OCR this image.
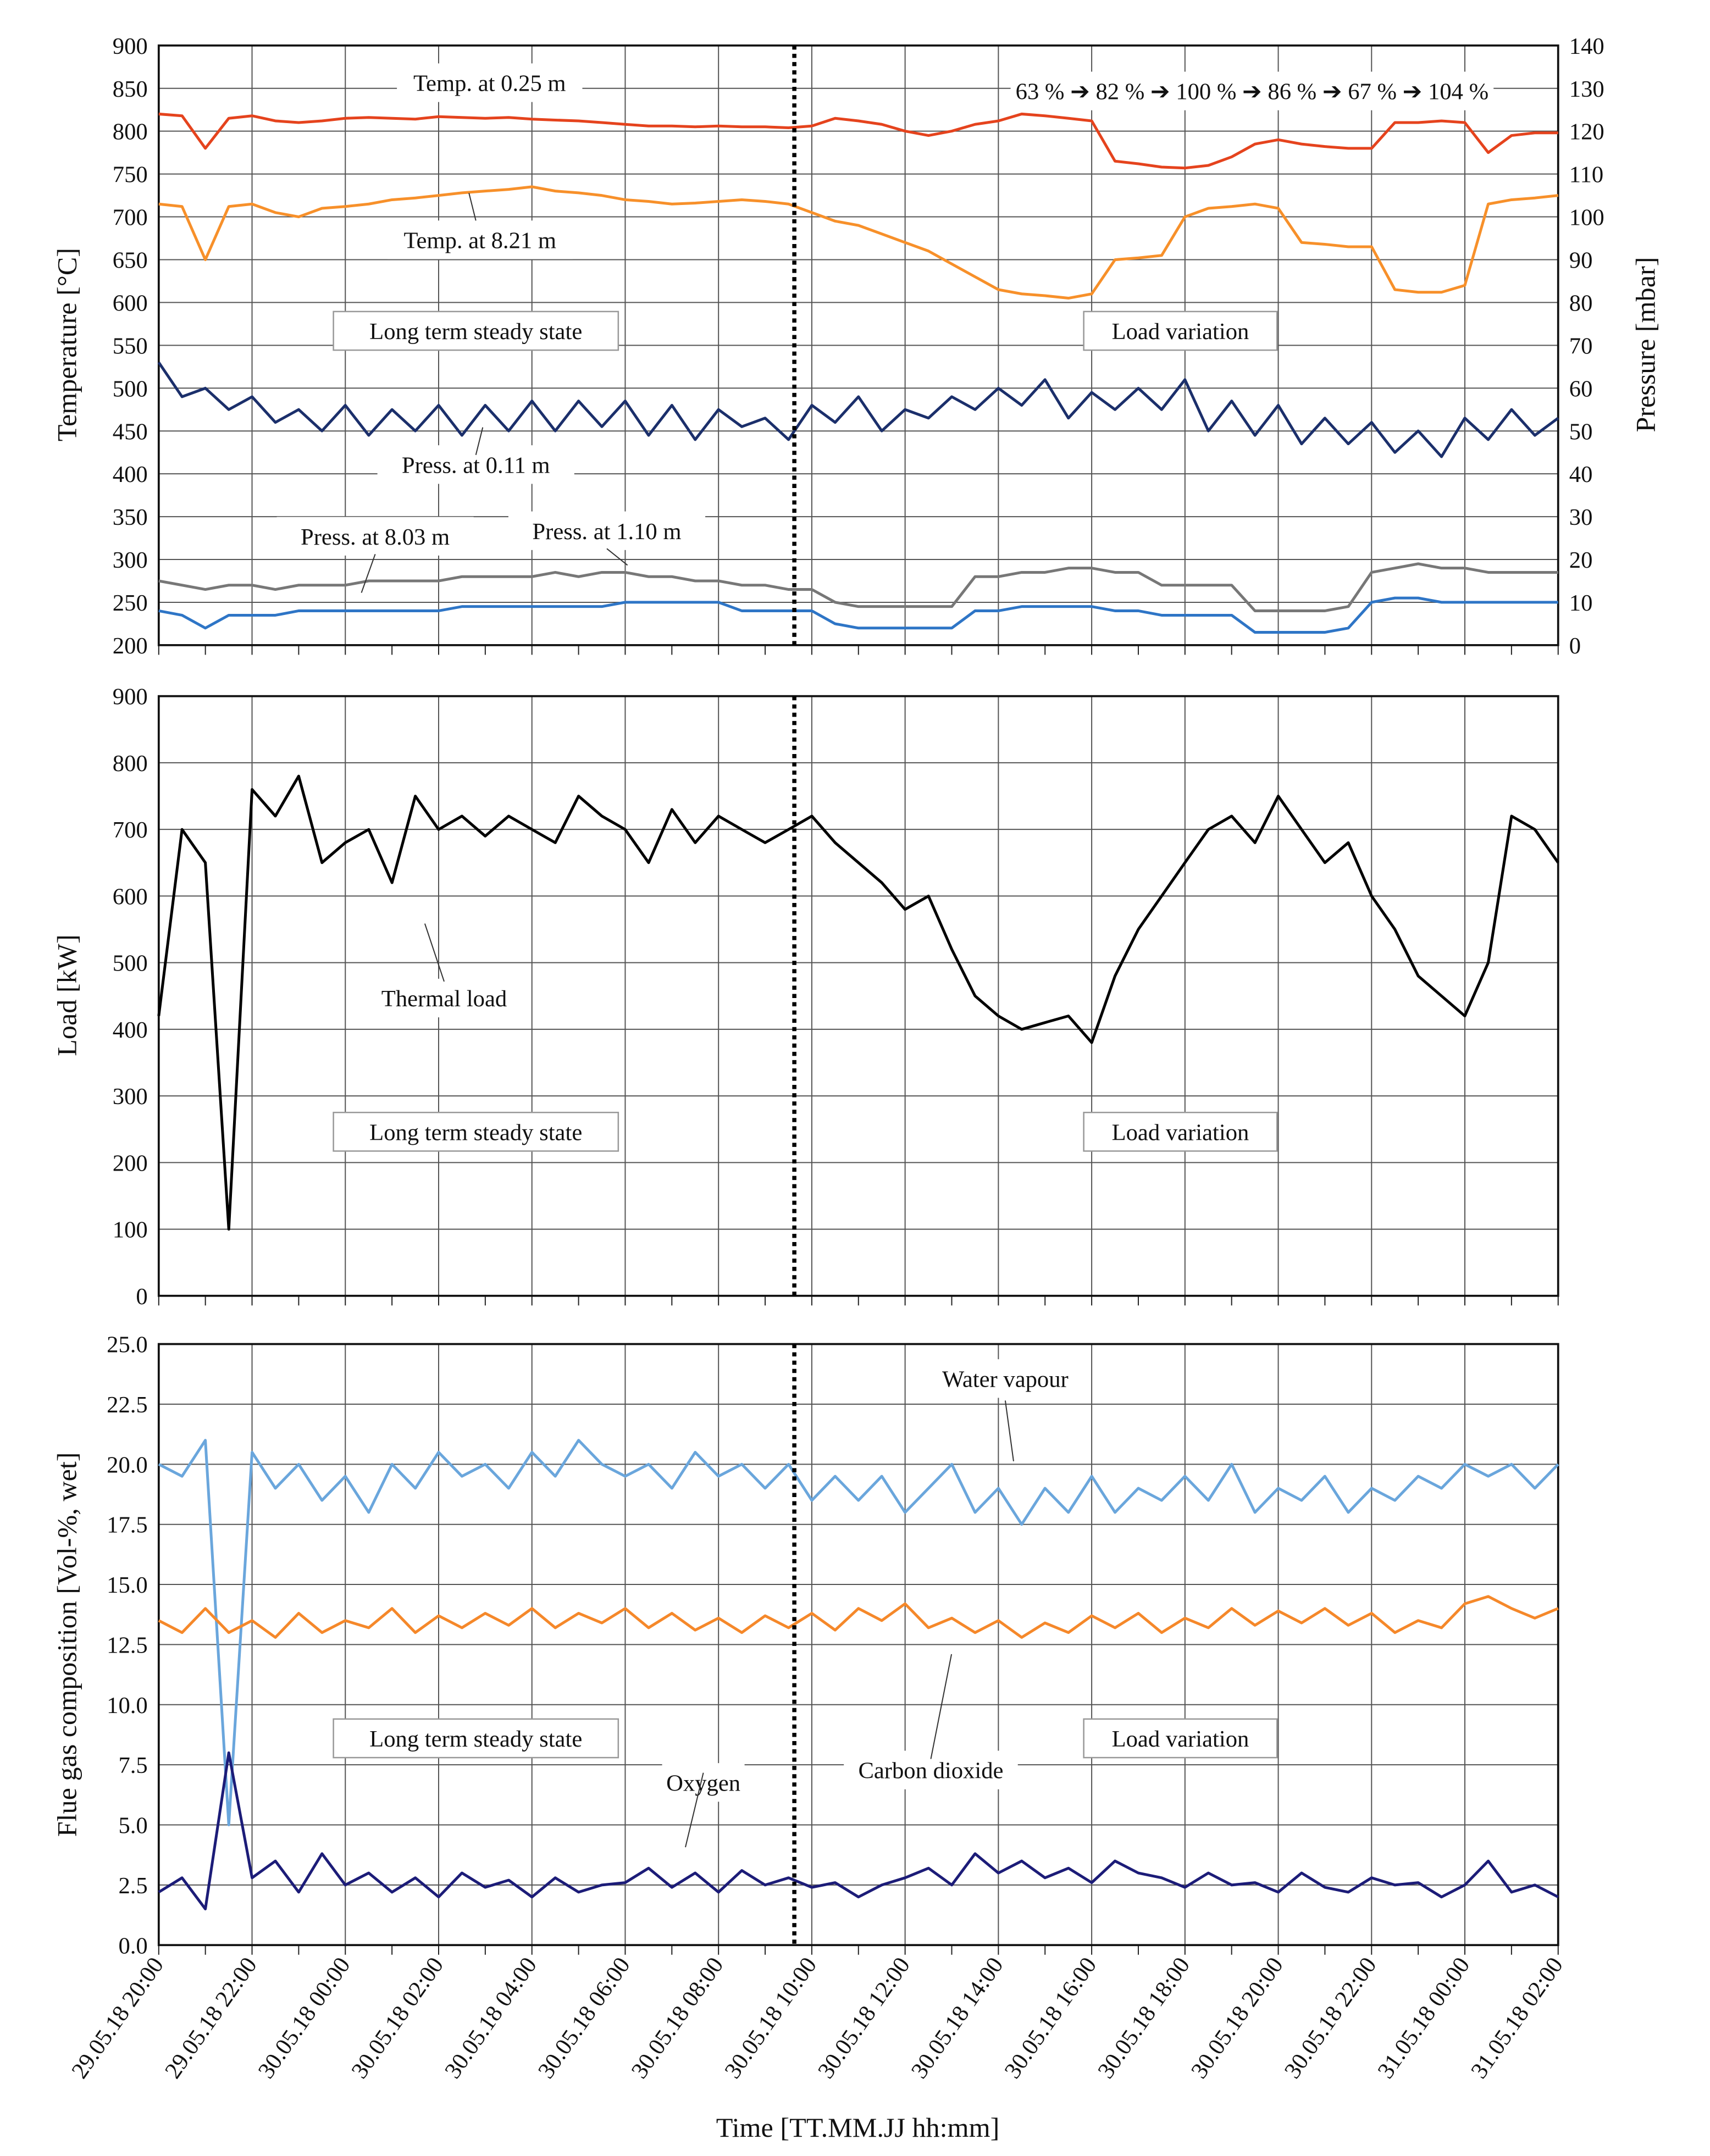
Temperature [°C]	Pressure [mbar]
Load [kW]
Flue gas composition [Vol-%, wet]
Time [TT.MM.JJ hh:mm]
200
250
300
350
400
450
500
550
600
650
700
750
800
850
900
0
10
20
30
40
50
60
70
80
90
100
110
120
130
140
Long term steady state	Load variation
0
100
200
300
400
500
600
700
800
900
Long term steady state	Load variation
0.0
2.5
5.0
7.5
10.0
12.5
15.0
17.5
20.0
22.5
25.0
Long term steady state	Load variation
Temp. at 0.25 m
Temp. at 8.21 m
Press. at 0.11 m
Press. at 8.03 m	Press. at 1.10 m
63 % ➔ 82 % ➔ 100 % ➔ 86 % ➔ 67 % ➔ 104 %
Thermal load
Water vapour
Carbon dioxide
Oxygen
29.05.18 20:00
29.05.18 22:00
30.05.18 00:00
30.05.18 02:00
30.05.18 04:00
30.05.18 06:00
30.05.18 08:00
30.05.18 10:00
30.05.18 12:00
30.05.18 14:00
30.05.18 16:00
30.05.18 18:00
30.05.18 20:00
30.05.18 22:00
31.05.18 00:00
31.05.18 02:00
